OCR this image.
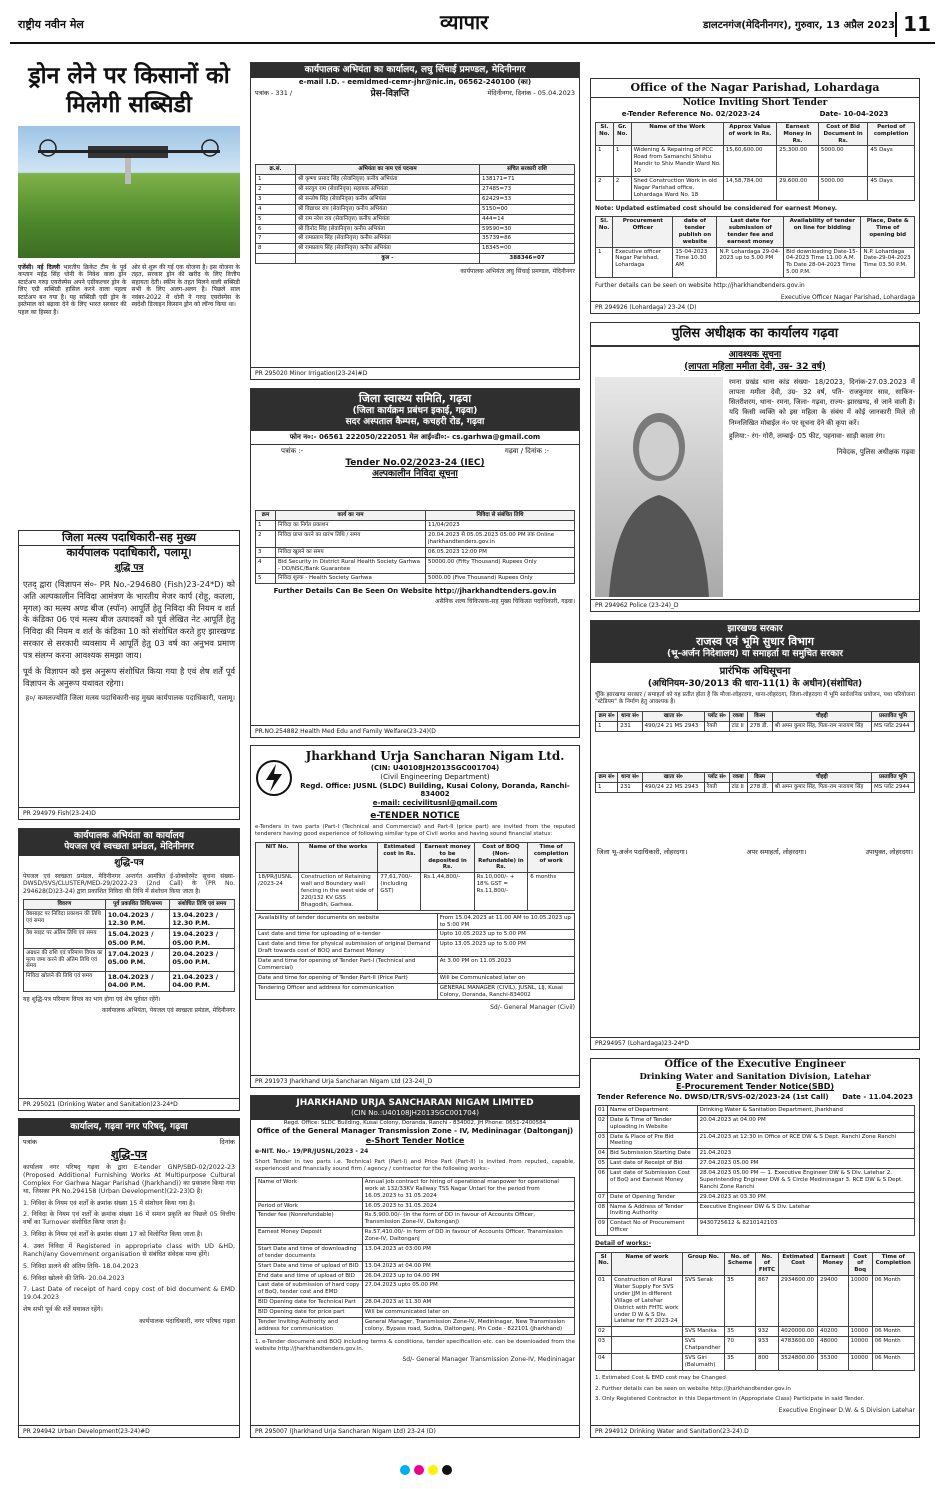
राष्ट्रीय नवीन मेल	व्यापार	डालटनगंज(मेदिनीनगर), गुरुवार, 13 अप्रैल 2023 11
ड्रोन लेने पर किसानों को मिलेगी सब्सिडी
एजेंसी। नई दिल्ली भारतीय क्रिकेट टीम के पूर्व कप्तान महेंद्र सिंह धोनी के निवेश वाला ड्रोन स्टार्टअप गरुड़ एयरोस्पेस अपने एग्रीकल्चर ड्रोन के लिए एग्री सब्सिडी हासिल करने वाला पहला स्टार्टअप बन गया है। यह सब्सिडी एग्री ड्रोन के इस्तेमाल को बढ़ावा देने के लिए भारत सरकार की पहल का हिस्सा है।
ओर से शुरू की गई एक योजना है। इस योजना के तहत, सरकार ड्रोन की खरीद के लिए वित्तीय सहायता देती। स्कीम के तहत मिलने वाली सब्सिडी सभी के लिए अलग-अलग है। पिछले साल नवंबर-2022 में धोनी ने गरुड़ एयरोस्पेस के स्वदेशी डिजाइन किसान ड्रोन को लॉन्च किया था।
जिला मत्स्य पदाधिकारी-सह मुख्य
कार्यपालक पदाधिकारी, पलामू।
शुद्धि पत्र
एतद् द्वारा (विज्ञापन सं०- PR No.-294680 (Fish)23-24*D) को अति अल्पकालीन निविदा आमंत्रण के भारतीय मेजर कार्प (रोहू, कतला, मृगल) का मत्स्य अण्ड बीज (स्पॉन) आपूर्ति हेतु निविदा की नियम व शर्त के कंडिका 06 एवं मत्स्य बीज उत्पादकों को पूर्व लेखित नेट आपूर्ति हेतु निविदा की नियम व शर्त के कंडिका 10 को संशोधित करते हुए झारखण्ड सरकार से सरकारी व्यवसाय में आपूर्ति हेतु 03 वर्ष का अनुभव प्रमाण पत्र संलग्न करना आवश्यक समझा जाय।
पूर्व के विज्ञापन को इस अनुरूप संशोधित किया गया है एवं शेष शर्तें पूर्व विज्ञापन के अनुरूप यथावत रहेगा।
ह०/ कमलज्योति जिला मत्स्य पदाधिकारी-सह मुख्य कार्यपालक पदाधिकारी, पलामू।
PR 294979 Fish(23-24)D
कार्यपालक अभियंता का कार्यालय
पेयजल एवं स्वच्छता प्रमंडल, मेदिनीनगर
शुद्धि-पत्र
पेयजल एवं स्वच्छता प्रमंडल, मेदिनीनगर अन्तर्गत आमंत्रित ई-प्रोक्योरमेंट सूचना संख्या-DWSD/SVS/CLUSTER/MED-29/2022-23 (2nd Call) के (PR No. 294628(D)23-24) द्वारा प्रकाशित निविदा की तिथि में संशोधन किया जाता है।
विवरण	पूर्व प्रकाशित तिथि/समय	संशोधित तिथि एवं समय
वेबसाइट पर निविदा प्रकाशन की तिथि एवं समय	10.04.2023 / 12.30 P.M.	13.04.2023 / 12.30 P.M.
वेब साइट पर अंतिम तिथि एवं समय	15.04.2023 / 05.00 P.M.	19.04.2023 / 05.00 P.M.
अग्रधन की राशि एवं परिमाण विपत्र का मूल्य जमा करने की अंतिम तिथि एवं समय	17.04.2023 / 05.00 P.M.	20.04.2023 / 05.00 P.M.
निविदा खोलने की तिथि एवं समय	18.04.2023 / 04.00 P.M.	21.04.2023 / 04.00 P.M.
यह शुद्धि-पत्र परिमाण विपत्र का भाग होगा एवं शेष पूर्ववत रहेंगे।
कार्यपालक अभियंता, पेयजल एवं स्वच्छता प्रमंडल, मेदिनीनगर
PR 295021 (Drinking Water and Sanitation)23-24*D
कार्यालय, गढ़वा नगर परिषद्, गढ़वा
पत्रांक	दिनांक
शुद्धि-पत्र
कार्यालय नगर परिषद् गढ़वा के द्वारा E-tender GNP/SBD-02/2022-23 (Proposed Additional Furnishing Works At Multipurpose Cultural Complex For Garhwa Nagar Parishad (Jharkhand)) का प्रकाशन किया गया था, जिसका PR No.294158 (Urban Development)(22-23)D है।
1. निविदा के नियम एवं शर्तों के क्रमांक संख्या 15 में संशोधन किया गया है।
2. निविदा के नियम एवं शर्तों के क्रमांक संख्या 16 में समान प्रकृति का पिछले 05 वित्तीय वर्षों का Turnover संशोधित किया जाता है।
3. निविदा के नियम एवं शर्तों के क्रमांक संख्या 17 को विलोपित किया जाता है।
4. उक्त निविदा में Registered in appropriate class with UD &HD, Ranchi/any Government organisation से संबंधित संवेदक मान्य होंगे।
5. निविदा डालने की अंतिम तिथि- 18.04.2023
6. निविदा खोलने की तिथि- 20.04.2023
7. Last Date of receipt of hard copy cost of bid document & EMD 19.04.2023
शेष सभी पूर्व की शर्तें यथावत रहेंगे।
कार्यपालक पदाधिकारी, नगर परिषद गढ़वा
PR 294942 Urban Development(23-24)#D
कार्यपालक अभियंता का कार्यालय, लघु सिंचाई प्रमण्डल, मेदिनीनगर
e-mail I.D. - eemidmed-cemr-jhr@nic.in, 06562-240100 (का)
पत्रांक - 331 /	प्रेस-विज्ञप्ति	मेदिनीनगर, दिनांक - 05.04.2023
क्र.सं.	अभियंता का नाम एवं पदनाम	संचित सरकारी राशि
1	श्री कृष्णा प्रसाद सिंह (सेवानिवृत्त) कनीय अभियंता	138171=71
2	श्री सरयुग राम (सेवानिवृत्त) सहायक अभियंता	27485=73
3	श्री सन्तोष सिंह (सेवानिवृत्त) कनीय अभियंता	62429=33
4	श्री विद्याधर राय (सेवानिवृत्त) कनीय अभियंता	5150=00
5	श्री राम नरेश राय (सेवानिवृत्त) कनीय अभियंता	444=14
6	श्री विनोद सिंह (सेवानिवृत्त) कनीय अभियंता	59590=30
7	श्री रामप्रताप सिंह (सेवानिवृत्त) कनीय अभियंता	35739=86
8	श्री रामप्रताप सिंह (सेवानिवृत्त) कनीय अभियंता	18345=00
	कुल -	388346=07
कार्यपालक अभियंता लघु सिंचाई प्रमण्डल, मेदिनीनगर
PR 295020 Minor Irrigation(23-24)#D
जिला स्वास्थ्य समिति, गढ़वा
(जिला कार्यक्रम प्रबंधन इकाई, गढ़वा)
सदर अस्पताल कैम्पस, कचहरी रोड, गढ़वा
फोन न०:- 06561 222050/222051 मेल आई०डी०:- cs.garhwa@gmail.com
पत्रांक :-	गढ़वा / दिनांक :-
Tender No.02/2023-24 (IEC)
अल्पकालीन निविदा सूचना
क्रम	कार्य का नाम	निविदा से संबंधित तिथि
1	निविदा का निर्गत प्रकाशन	11/04/2023
2	निविदा प्राप्त करने का प्रारंभ तिथि / समय	20.04.2023 से 05.05.2023 05:00 PM तक Online jharkhandtenders.gov.in
3	निविदा खुलने का समय	06.05.2023 12:00 PM
4	Bid Security in District Rural Health Society Garhwa - DD/NSC/Bank Guarantee	50000.00 (Fifty Thousand) Rupees Only
5	निविदा शुल्क - Health Society Garhwa	5000.00 (Five Thousand) Rupees Only
Further Details Can Be Seen On Website http://jharkhandtenders.gov.in
असैनिक शल्य चिकित्सक-सह मुख्य चिकित्सा पदाधिकारी, गढ़वा।
PR.NO.254882 Health Med Edu and Family Welfare(23-24)(D
Jharkhand Urja Sancharan Nigam Ltd.
(CIN: U40108JH2013SGC001704)
(Civil Engineering Department)
Regd. Office: JUSNL (SLDC) Building, Kusai Colony, Doranda, Ranchi-834002
e-mail: cecivilitusnl@gmail.com
e-TENDER NOTICE
e-Tenders in two parts (Part-I (Technical and Commercial) and Part-II (price part) are invited from the reputed tenderers having good experience of following similar type of Civil works and having sound financial status:
NIT No.	Name of the works	Estimated cost in Rs.	Earnest money to be deposited in Rs.	Cost of BOQ (Non-Refundable) in Rs.	Time of completion of work
18/PR/JUSNL /2023-24	Construction of Retaining wall and Boundary wall fencing in the west side of 220/132 KV GSS Bhagodih, Garhwa.	77,61,700/- (including GST)	Rs.1,44,800/-	Rs.10,000/- + 18% GST = Rs.11,800/-	6 months
Availability of tender documents on website	From 15.04.2023 at 11.00 AM to 10.05.2023 up to 5:00 PM
Last date and time for uploading of e-tender	Upto 10.05.2023 up to 5.00 PM
Last date and time for physical submission of original Demand Draft towards cost of BOQ and Earnest Money	Upto 13.05.2023 up to 5.00 PM
Date and time for opening of Tender Part-I (Technical and Commercial)	At 3.00 PM on 11.05.2023
Date and time for opening of Tender Part-II (Price Part)	Will be Communicated later on
Tendering Officer and address for communication	GENERAL MANAGER (CIVIL), JUSNL, LIJ, Kusai Colony, Doranda, Ranchi-834002
Sd/- General Manager (Civil)
PR 291973 Jharkhand Urja Sancharan Nigam Ltd (23-24)_D
JHARKHAND URJA SANCHARAN NIGAM LIMITED
(CIN No.:U40108JH2013SGC001704)
Regd. Office: SLDC Building, Kusai Colony, Doranda, Ranchi - 834002, JH Phone: 0651-2400584
Office of the General Manager Transmission Zone - IV, Medininagar (Daltonganj)
e-Short Tender Notice
e-NIT. No.- 19/PR/JUSNL/2023 - 24
Short Tender in two parts i.e. Technical Part (Part-I) and Price Part (Part-II) is invited from reputed, capable, experienced and financially sound firm / agency / contractor for the following works:-
Name of Work	Annual job contract for hiring of operational manpower for operational work at 132/33KV Railway TSS Nagar Untari for the period from 16.05.2023 to 31.05.2024
Period of Work	16.05.2023 to 31.05.2024
Tender fee (Nonrefundable)	Rs.5,900.00/- (In the form of DD in favour of Accounts Officer, Transmission Zone-IV, Daltonganj)
Earnest Money Deposit	Rs.57,410.00/- in form of DD in favour of Accounts Officer, Transmission Zone-IV, Daltonganj
Start Date and time of downloading of tender documents	13.04.2023 at 03:00 PM
Start Date and time of upload of BID	13.04.2023 at 04.00 PM
End date and time of upload of BID	26.04.2023 up to 04.00 PM
Last date of submission of hard copy of BoQ, tender cost and EMD	27.04.2023 upto 05.00 PM
BID Opening date for Technical Part	28.04.2023 at 11.30 AM
BID Opening date for price part	Will be communicated later on
Tender Inviting Authority and address for communication	General Manager, Transmission Zone-IV, Medininagar, New Transmission colony, Bypass road, Sudna, Daltonganj, Pin Code - 822101 (Jharkhand)
1. e-Tender document and BOQ including terms & conditions, tender specification etc. can be downloaded from the website http://jharkhandtenders.gov.in.
Sd/- General Manager Transmission Zone-IV, Medininagar
PR 295007 (Jharkhand Urja Sancharan Nigam Ltd) 23-24 (D)
Office of the Nagar Parishad, Lohardaga
Notice Inviting Short Tender
e-Tender Reference No. 02/2023-24	Date- 10-04-2023
Sl. No.	Gr. No.	Name of the Work	Approx Value of work in Rs.	Earnest Money in Rs.	Cost of Bid Document in Rs.	Period of completion
1	1	Widening & Repairing of PCC Road from Samanchi Shishu Mandir to Shiv Mandir Ward No. 10	15,60,600.00	25,300.00	5000.00	45 Days
2	2	Shed Construction Work in old Nagar Parishad office, Lohardaga Ward No. 18	14,58,784.00	29,600.00	5000.00	45 Days
Note: Updated estimated cost should be considered for earnest Money.
Sl. No.	Procurement Officer	date of tender publish on website	Last date for submission of tender fee and earnest money	Availability of tender on line for bidding	Place, Date & Time of opening bid
1	Executive officer Nagar Parishad, Lohardaga	15-04-2023 Time 10.30 AM	N.P. Lohardaga 29-04-2023 up to 5.00 PM	Bid downloading Date-15-04-2023 Time 11.00 A.M. To Date 28-04-2023 Time 5.00 P.M.	N.P. Lohardaga Date-29-04-2023 Time 03.30 P.M.
Further details can be seen on website http://jharkhandtenders.gov.in
Executive Officer Nagar Parishad, Lohardaga
PR 294926 (Lohardaga) 23-24 (D)
पुलिस अधीक्षक का कार्यालय गढ़वा
आवश्यक सूचना
(लापता महिला ममीता देवी, उम्र- 32 वर्ष)
रमना प्रखंड थाना कांड संख्या- 18/2023, दिनांक-27.03.2023 में लापता ममीता देवी, उम्र- 32 वर्ष, पति- राजकुमार साव, साकिन- सितरीशरम, थाना- रमना, जिला- गढ़वा, राज्य- झारखण्ड, से जाने वाली है। यदि किसी व्यक्ति को इस महिला के संबंध में कोई जानकारी मिले तो निम्नलिखित मोबाईल नं० पर सूचना देने की कृपा करें।
हुलिया:- रंग- गोरी, लम्बाई- 05 फीट, पहनावा- साड़ी काला रंग।
निवेदक, पुलिस अधीक्षक गढ़वा
PR 294962 Police (23-24)_D
झारखण्ड सरकार
राजस्व एवं भूमि सुधार विभाग
(भू-अर्जन निदेशालय) या समाहर्ता या समुचित सरकार
प्रारंभिक अधिसूचना
(अधिनियम-30/2013 की धारा-11(1) के अधीन)(संशोधित)
चूँकि झारखण्ड सरकार / समाहर्ता को यह प्रतीत होता है कि मौजा-लोहरदगा, थाना-लोहरदगा, जिला-लोहरदगा में भूमि सार्वजनिक प्रयोजन, यथा परियोजना "स्टेडियम" के निर्माण हेतु आवश्यक है।
क्रम सं०	थाना सं०	खाता सं०	प्लॉट सं०	रकबा	किस्म	चौहद्दी	प्रस्तावित भूमि
1	231	490/24 21 MS 2943	रैयती	टांड II	278 डी.	श्री अमन कुमार सिंह, पिता-राम नारायण सिंह	MS प्लॉट 2944
क्रम सं०	थाना सं०	खाता सं०	प्लॉट सं०	रकबा	किस्म	चौहद्दी	प्रस्तावित भूमि
1	231	490/24 22 MS 2943	रैयती	टांड II	278 डी.	श्री अमन कुमार सिंह, पिता-राम नारायण सिंह	MS प्लॉट 2944
जिला भू-अर्जन पदाधिकारी, लोहरदगा।	अपर समाहर्ता, लोहरदगा।	उपायुक्त, लोहरदगा।
PR294957 (Lohardaga)23-24*D
Office of the Executive Engineer
Drinking Water and Sanitation Division, Latehar
E-Procurement Tender Notice(SBD)
Tender Reference No. DWSD/LTR/SVS-02/2023-24 (1st Call) Date - 11.04.2023
01	Name of Department	Drinking Water & Sanitation Department, Jharkhand
02	Date & Time of Tender uploading in Website	20.04.2023 at 04.00 PM
03	Date & Place of Pre Bid Meeting	21.04.2023 at 12:30 in Office of RCE DW & S Dept. Ranchi Zone Ranchi
04	Bid Submission Starting Date	21.04.2023
05	Last date of Receipt of Bid	27.04.2023 05.00 PM
06	Last date of Submission Cost of BoQ and Earnest Money	28.04.2023 05.00 PM — 1. Executive Engineer DW & S Div. Latehar 2. Superintending Engineer DW & S Circle Medininagar 3. RCE DW & S Dept. Ranchi Zone Ranchi
07	Date of Opening Tender	29.04.2023 at 03.30 PM
08	Name & Address of Tender Inviting Authority	Executive Engineer DW & S Div. Latehar
09	Contact No of Procurement Officer	9430725612 & 8210142103
Detail of works:-
Sl No.	Name of work	Group No.	No. of Scheme	No. of FHTC	Estimated Cost	Earnest Money	Cost of Boq	Time of Completion
01	Construction of Rural Water Supply For SVS under JJM in different Village of Latehar District with FHTC work under D W & S Div. Latehar for FY 2023-24	SVS Serak	35	867	2934600.00	29400	10000	06 Month
02		SVS Manika	35	932	4020000.00	40200	10000	06 Month
03		SVS Chatpandher	70	933	4783600.00	48000	10000	06 Month
04		SVS Giri (Balumath)	35	800	3524800.00	35300	10000	06 Month
1. Estimated Cost & EMD cost may be Changed
2. Further details can be seen on website http://jharkhandtender.gov.in
3. Only Registered Contractor in this Department in (Appropriate Class) Participate in said Tender.
Executive Engineer D.W. & S Division Latehar
PR 294912 Drinking Water and Sanitation(23-24).D
